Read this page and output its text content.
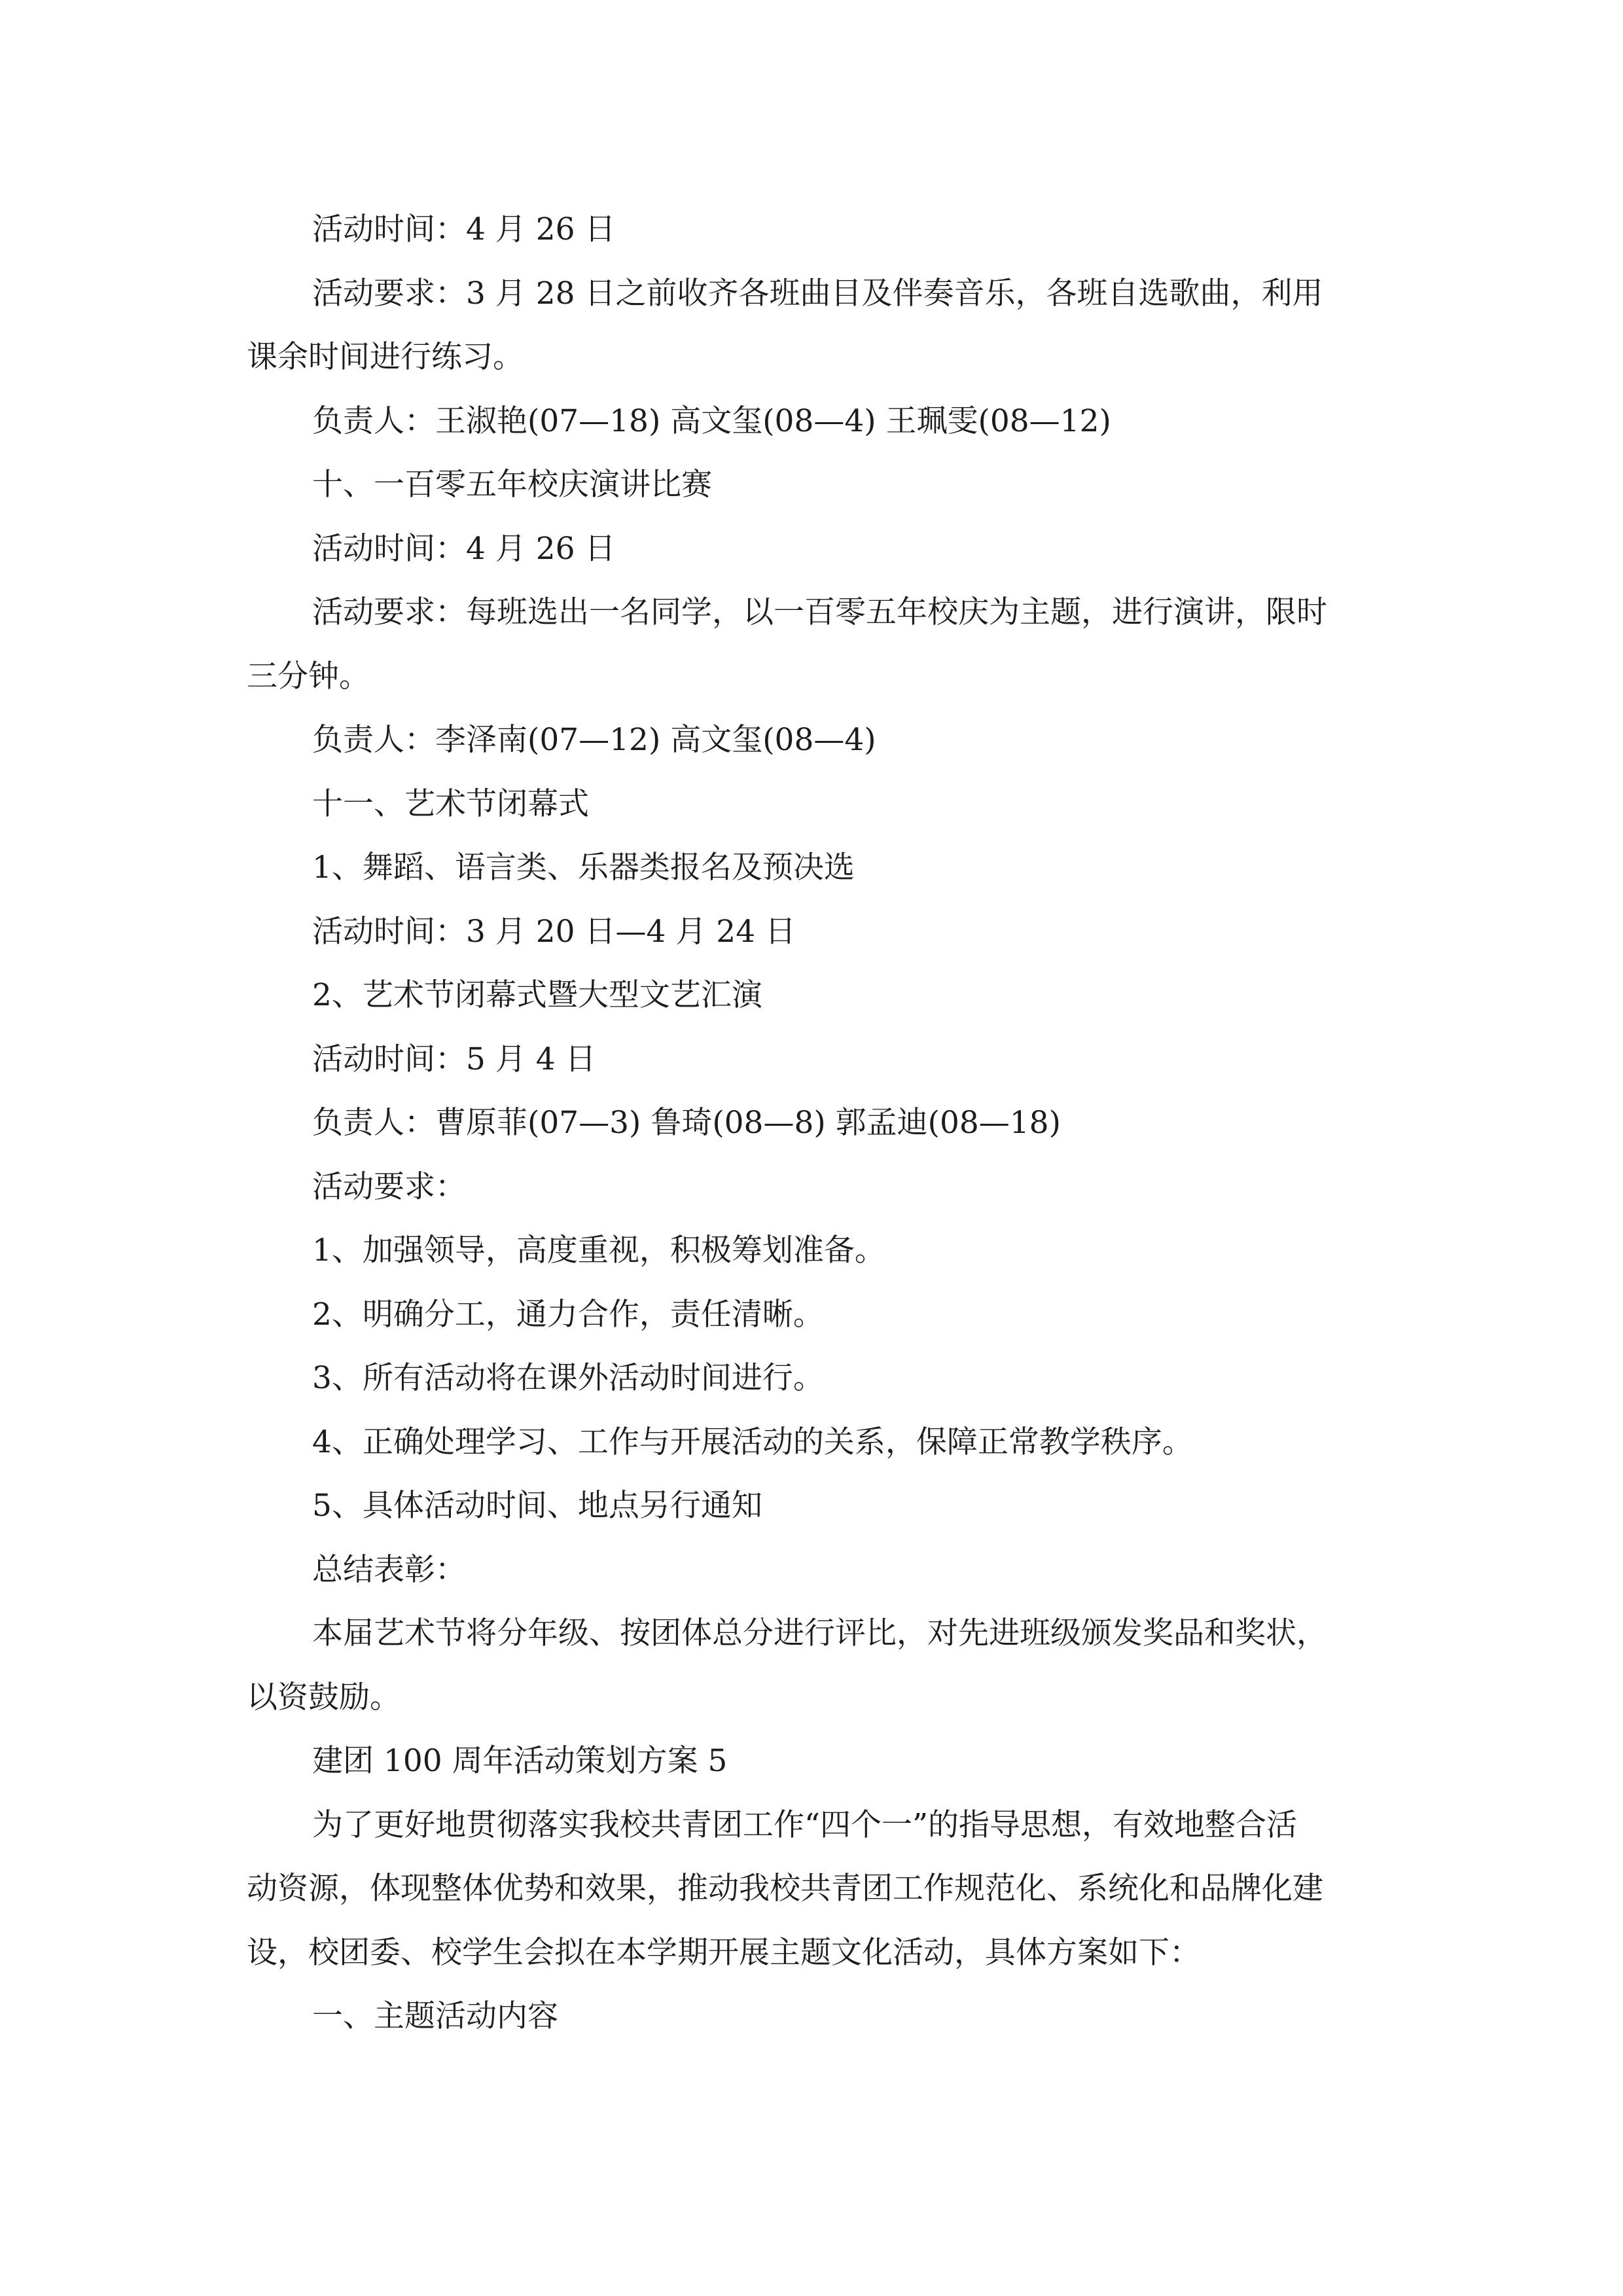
活动时间：4 月 26 日
活动要求：3 月 28 日之前收齐各班曲目及伴奏音乐，各班自选歌曲，利用
课余时间进行练习。
负责人：王淑艳(07—18) 高文玺(08—4) 王珮雯(08—12)
十、一百零五年校庆演讲比赛
活动时间：4 月 26 日
活动要求：每班选出一名同学，以一百零五年校庆为主题，进行演讲，限时
三分钟。
负责人：李泽南(07—12) 高文玺(08—4)
十一、艺术节闭幕式
1、舞蹈、语言类、乐器类报名及预决选
活动时间：3 月 20 日—4 月 24 日
2、艺术节闭幕式暨大型文艺汇演
活动时间：5 月 4 日
负责人：曹原菲(07—3) 鲁琦(08—8) 郭孟迪(08—18)
活动要求：
1、加强领导，高度重视，积极筹划准备。
2、明确分工，通力合作，责任清晰。
3、所有活动将在课外活动时间进行。
4、正确处理学习、工作与开展活动的关系，保障正常教学秩序。
5、具体活动时间、地点另行通知
总结表彰：
本届艺术节将分年级、按团体总分进行评比，对先进班级颁发奖品和奖状，
以资鼓励。
建团 100 周年活动策划方案 5
为了更好地贯彻落实我校共青团工作“四个一”的指导思想，有效地整合活
动资源，体现整体优势和效果，推动我校共青团工作规范化、系统化和品牌化建
设，校团委、校学生会拟在本学期开展主题文化活动，具体方案如下：
一、主题活动内容
